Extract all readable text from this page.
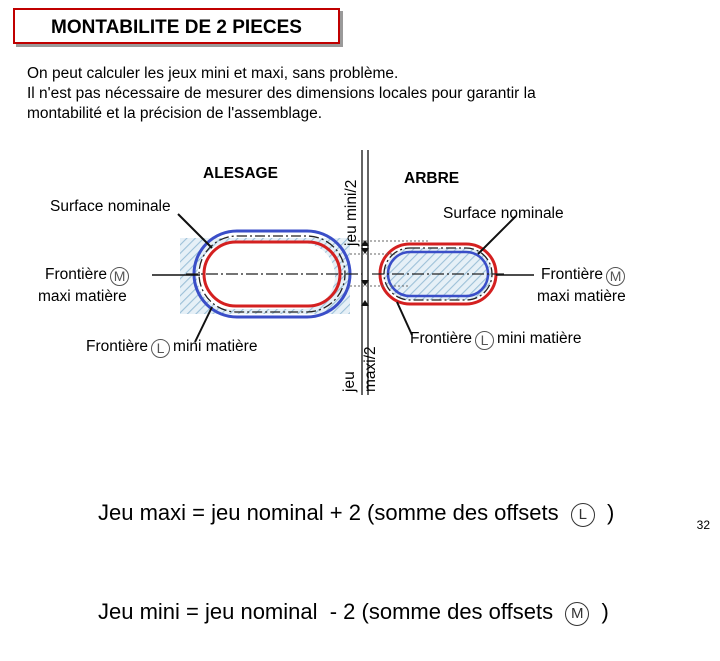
MONTABILITE DE 2 PIECES
On peut calculer les jeux mini et maxi, sans problème.
Il n'est pas nécessaire de mesurer des dimensions locales pour garantir la
montabilité et la précision de l'assemblage.
ALESAGE
Surface nominale
Frontière M
maxi matière
Frontière L mini matière
ARBRE
Surface nominale
Frontière M
maxi matière
Frontière L mini matière
jeu mini/2
jeu maxi/2

Jeu maxi = jeu nominal + 2 (somme des offsets  L  )

Jeu mini = jeu nominal  - 2 (somme des offsets  M  )

32
